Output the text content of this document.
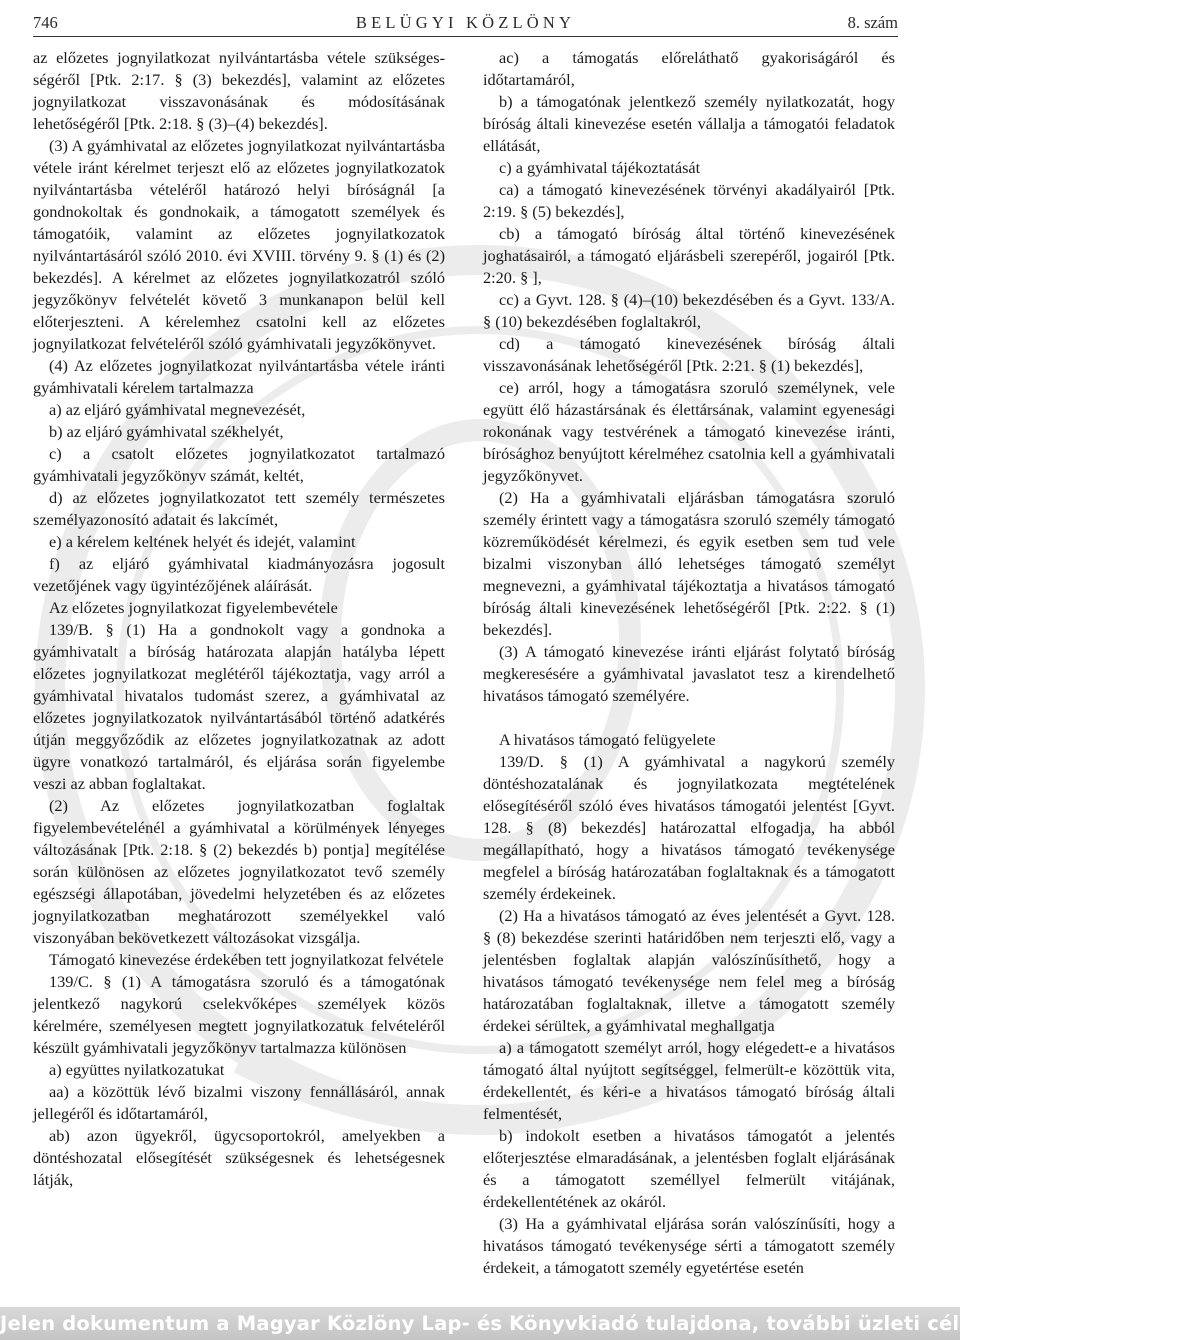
746	BELÜGYI KÖZLÖNY	8. szám

az előzetes jognyilatkozat nyilvántartásba vétele szükséges- ségéről [Ptk. 2:17. § (3) bekezdés], valamint az előzetes jognyilatkozat visszavonásának és módosításának lehetőségéről [Ptk. 2:18. § (3)–(4) bekezdés].

(3) A gyámhivatal az előzetes jognyilatkozat nyilvántartásba vétele iránt kérelmet terjeszt elő az előzetes jognyilatkozatok nyilvántartásba vételéről határozó helyi bíróságnál [a gondnokoltak és gondnokaik, a támogatott személyek és támogatóik, valamint az előzetes jognyilatkozatok nyilvántartásáról szóló 2010. évi XVIII. törvény 9. § (1) és (2) bekezdés]. A kérelmet az előzetes jognyilatkozatról szóló jegyzőkönyv felvételét követő 3 munkanapon belül kell előterjeszteni. A kérelemhez csatolni kell az előzetes jognyilatkozat felvételéről szóló gyámhivatali jegyzőkönyvet.

(4) Az előzetes jognyilatkozat nyilvántartásba vétele iránti gyámhivatali kérelem tartalmazza

a) az eljáró gyámhivatal megnevezését,

b) az eljáró gyámhivatal székhelyét,

c) a csatolt előzetes jognyilatkozatot tartalmazó gyámhivatali jegyzőkönyv számát, keltét,

d) az előzetes jognyilatkozatot tett személy természetes személyazonosító adatait és lakcímét,

e) a kérelem keltének helyét és idejét, valamint

f) az eljáró gyámhivatal kiadmányozásra jogosult vezetőjének vagy ügyintézőjének aláírását.

Az előzetes jognyilatkozat figyelembevétele

139/B. § (1) Ha a gondnokolt vagy a gondnoka a gyámhivatalt a bíróság határozata alapján hatályba lépett előzetes jognyilatkozat meglétéről tájékoztatja, vagy arról a gyámhivatal hivatalos tudomást szerez, a gyámhivatal az előzetes jognyilatkozatok nyilvántartásából történő adatkérés útján meggyőződik az előzetes jognyilatkozatnak az adott ügyre vonatkozó tartalmáról, és eljárása során figyelembe veszi az abban foglaltakat.

(2) Az előzetes jognyilatkozatban foglaltak figyelembevételénél a gyámhivatal a körülmények lényeges változásának [Ptk. 2:18. § (2) bekezdés b) pontja] megítélése során különösen az előzetes jognyilatkozatot tevő személy egészségi állapotában, jövedelmi helyzetében és az előzetes jognyilatkozatban meghatározott személyekkel való viszonyában bekövetkezett változásokat vizsgálja.

Támogató kinevezése érdekében tett jognyilatkozat felvétele

139/C. § (1) A támogatásra szoruló és a támogatónak jelentkező nagykorú cselekvőképes személyek közös kérelmére, személyesen megtett jognyilatkozatuk felvételéről készült gyámhivatali jegyzőkönyv tartalmazza különösen

a) együttes nyilatkozatukat

aa) a közöttük lévő bizalmi viszony fennállásáról, annak jellegéről és időtartamáról,

ab) azon ügyekről, ügycsoportokról, amelyekben a döntéshozatal elősegítését szükségesnek és lehetségesnek látják,

ac) a támogatás előreláthatő gyakoriságáról és időtartamáról,

b) a támogatónak jelentkező személy nyilatkozatát, hogy bíróság általi kinevezése esetén vállalja a támogatói feladatok ellátását,

c) a gyámhivatal tájékoztatását

ca) a támogató kinevezésének törvényi akadályairól [Ptk. 2:19. § (5) bekezdés],

cb) a támogató bíróság által történő kinevezésének joghatásairól, a támogató eljárásbeli szerepéről, jogairól [Ptk. 2:20. § ],

cc) a Gyvt. 128. § (4)–(10) bekezdésében és a Gyvt. 133/A. § (10) bekezdésében foglaltakról,

cd) a támogató kinevezésének bíróság általi visszavonásának lehetőségéről [Ptk. 2:21. § (1) bekezdés],

ce) arról, hogy a támogatásra szoruló személynek, vele együtt élő házastársának és élettársának, valamint egyenesági rokonának vagy testvérének a támogató kinevezése iránti, bírósághoz benyújtott kérelméhez csatolnia kell a gyámhivatali jegyzőkönyvet.

(2) Ha a gyámhivatali eljárásban támogatásra szoruló személy érintett vagy a támogatásra szoruló személy támogató közreműködését kérelmezi, és egyik esetben sem tud vele bizalmi viszonyban álló lehetséges támogató személyt megnevezni, a gyámhivatal tájékoztatja a hivatásos támogató bíróság általi kinevezésének lehetőségéről [Ptk. 2:22. § (1) bekezdés].

(3) A támogató kinevezése iránti eljárást folytató bíróság megkeresésére a gyámhivatal javaslatot tesz a kirendelhető hivatásos támogató személyére.

A hivatásos támogató felügyelete

139/D. § (1) A gyámhivatal a nagykorú személy döntéshozatalának és jognyilatkozata megtételének elősegítéséről szóló éves hivatásos támogatói jelentést [Gyvt. 128. § (8) bekezdés] határozattal elfogadja, ha abból megállapítható, hogy a hivatásos támogató tevékenysége megfelel a bíróság határozatában foglaltaknak és a támogatott személy érdekeinek.

(2) Ha a hivatásos támogató az éves jelentését a Gyvt. 128. § (8) bekezdése szerinti határidőben nem terjeszti elő, vagy a jelentésben foglaltak alapján valószínűsíthető, hogy a hivatásos támogató tevékenysége nem felel meg a bíróság határozatában foglaltaknak, illetve a támogatott személy érdekei sérültek, a gyámhivatal meghallgatja

a) a támogatott személyt arról, hogy elégedett-e a hivatásos támogató által nyújtott segítséggel, felmerült-e közöttük vita, érdekellentét, és kéri-e a hivatásos támogató bíróság általi felmentését,

b) indokolt esetben a hivatásos támogatót a jelentés előterjesztése elmaradásának, a jelentésben foglalt eljárásának és a támogatott személlyel felmerült vitájának, érdekellentétének az okáról.

(3) Ha a gyámhivatal eljárása során valószínűsíti, hogy a hivatásos támogató tevékenysége sérti a támogatott személy érdekeit, a támogatott személy egyetértése esetén

Jelen dokumentum a Magyar Közlöny Lap- és Könyvkiadó tulajdona, további üzleti célú felhasználása tilos!
